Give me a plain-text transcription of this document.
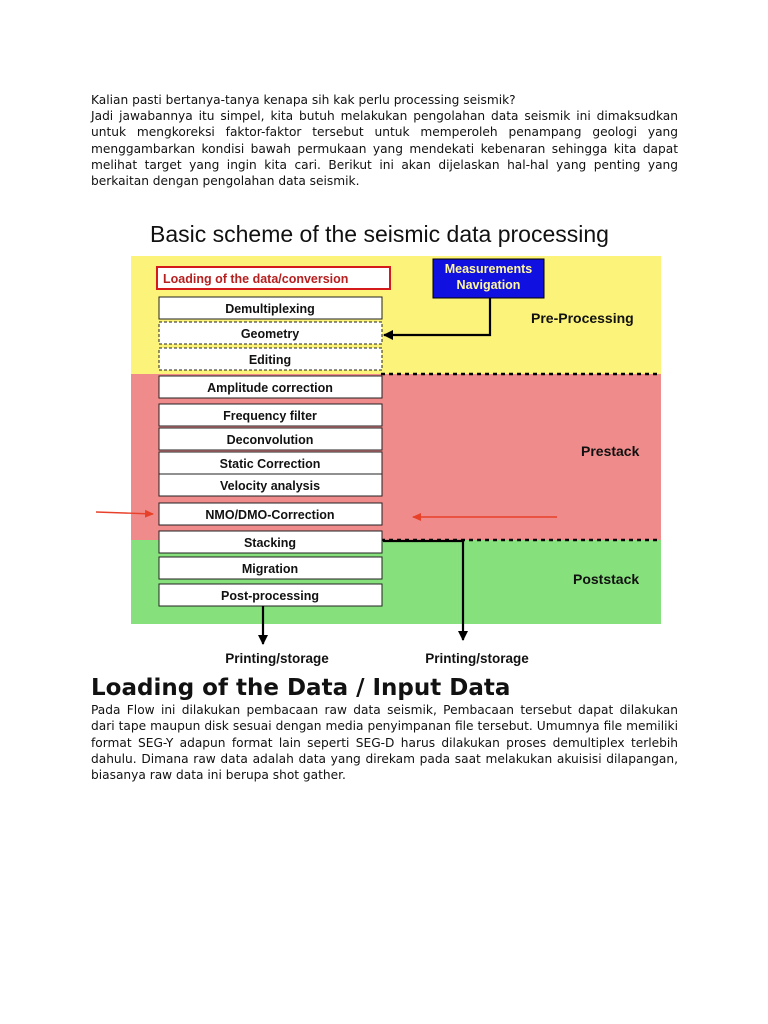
Kalian pasti bertanya-tanya kenapa sih kak perlu processing seismik?

Jadi jawabannya itu simpel, kita butuh melakukan pengolahan data seismik ini dimaksudkan untuk mengkoreksi faktor-faktor tersebut untuk memperoleh penampang geologi yang menggambarkan kondisi bawah permukaan yang mendekati kebenaran sehingga kita dapat melihat target yang ingin kita cari. Berikut ini akan dijelaskan hal-hal yang penting yang berkaitan dengan pengolahan data seismik.

Basic scheme of the seismic data processing
Pre-Processing
Prestack
Poststack
Measurements
Navigation
Loading of the data/conversion
Demultiplexing
Geometry
Editing
Amplitude correction
Frequency filter
Deconvolution
Static Correction
Velocity analysis
NMO/DMO-Correction
Stacking
Migration
Post-processing
Printing/storage	Printing/storage
Loading of the Data / Input Data

Pada Flow ini dilakukan pembacaan raw data seismik, Pembacaan tersebut dapat dilakukan dari tape maupun disk sesuai dengan media penyimpanan file tersebut. Umumnya file memiliki format SEG-Y adapun format lain seperti SEG-D harus dilakukan proses demultiplex terlebih dahulu. Dimana raw data adalah data yang direkam pada saat melakukan akuisisi dilapangan, biasanya raw data ini berupa shot gather.
